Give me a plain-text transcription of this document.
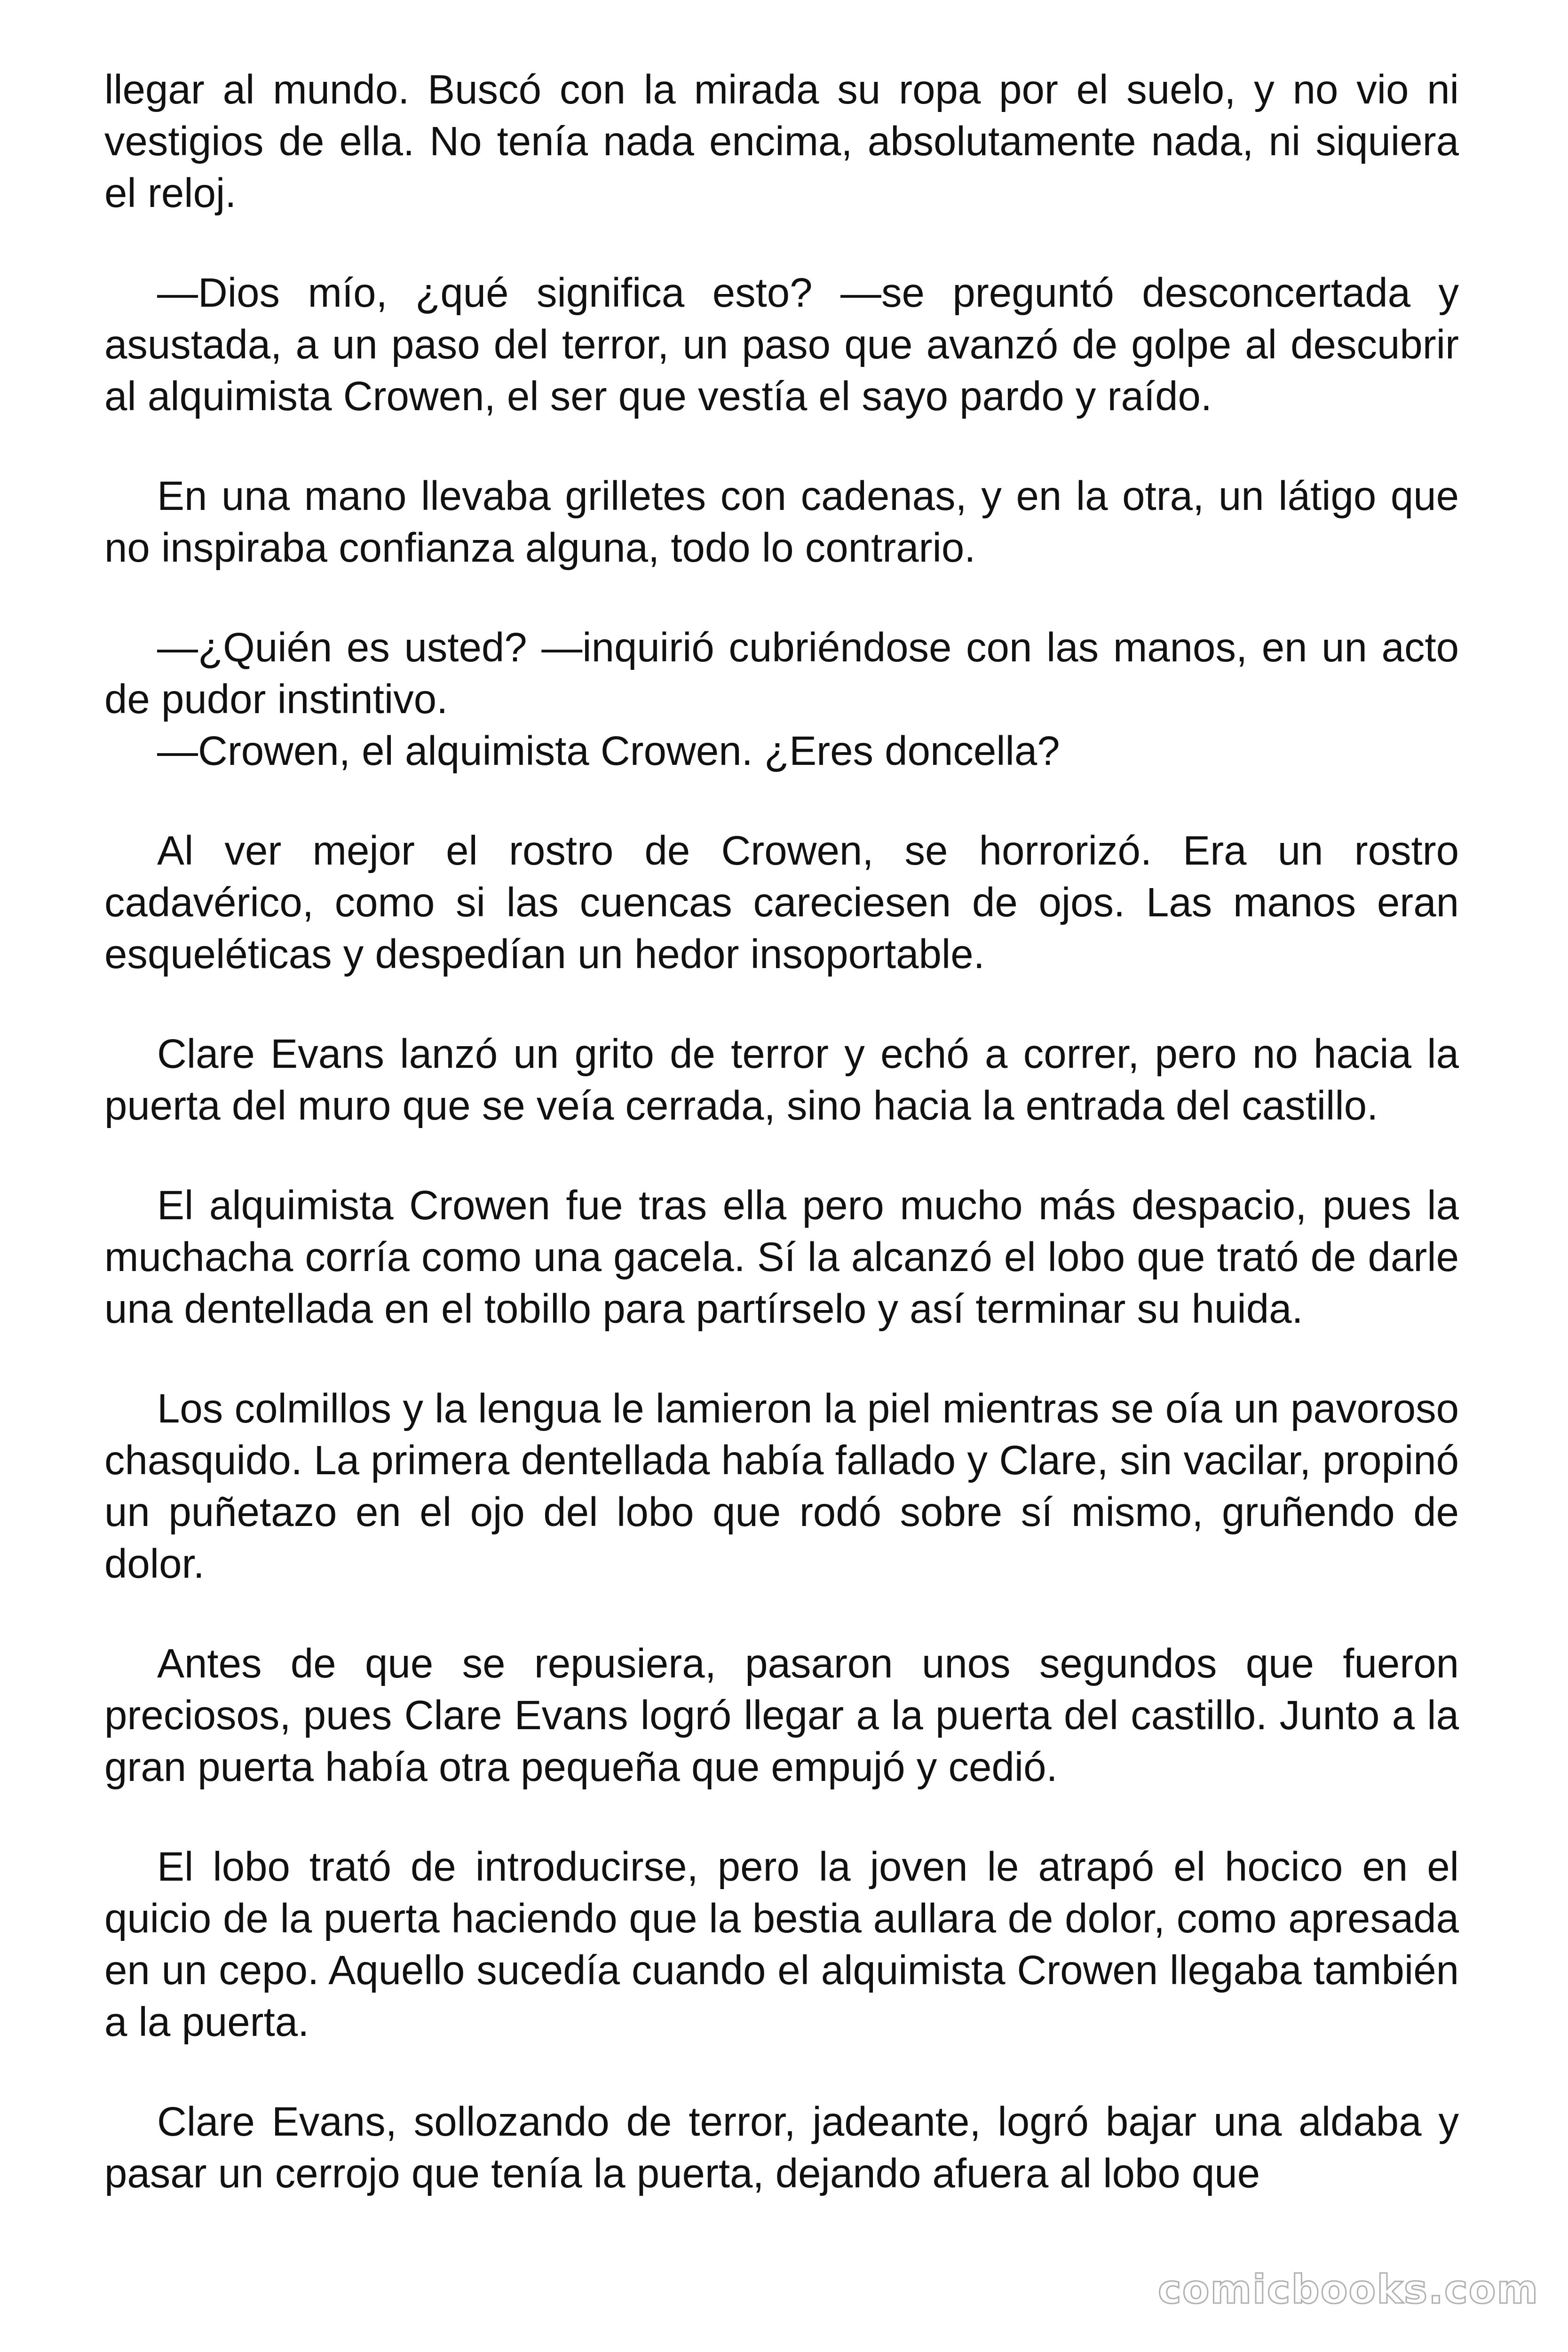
llegar al mundo. Buscó con la mirada su ropa por el suelo, y no vio ni vestigios de ella. No tenía nada encima, absolutamente nada, ni siquiera el reloj.

—Dios mío, ¿qué significa esto? —se preguntó desconcertada y asustada, a un paso del terror, un paso que avanzó de golpe al descubrir al alquimista Crowen, el ser que vestía el sayo pardo y raído.

En una mano llevaba grilletes con cadenas, y en la otra, un látigo que no inspiraba confianza alguna, todo lo contrario.

—¿Quién es usted? —inquirió cubriéndose con las manos, en un acto de pudor instintivo.

—Crowen, el alquimista Crowen. ¿Eres doncella?

Al ver mejor el rostro de Crowen, se horrorizó. Era un rostro cadavérico, como si las cuencas careciesen de ojos. Las manos eran esqueléticas y despedían un hedor insoportable.

Clare Evans lanzó un grito de terror y echó a correr, pero no hacia la puerta del muro que se veía cerrada, sino hacia la entrada del castillo.

El alquimista Crowen fue tras ella pero mucho más despacio, pues la muchacha corría como una gacela. Sí la alcanzó el lobo que trató de darle una dentellada en el tobillo para partírselo y así terminar su huida.

Los colmillos y la lengua le lamieron la piel mientras se oía un pavoroso chasquido. La primera dentellada había fallado y Clare, sin vacilar, propinó un puñetazo en el ojo del lobo que rodó sobre sí mismo, gruñendo de dolor.

Antes de que se repusiera, pasaron unos segundos que fueron preciosos, pues Clare Evans logró llegar a la puerta del castillo. Junto a la gran puerta había otra pequeña que empujó y cedió.

El lobo trató de introducirse, pero la joven le atrapó el hocico en el quicio de la puerta haciendo que la bestia aullara de dolor, como apresada en un cepo. Aquello sucedía cuando el alquimista Crowen llegaba también a la puerta.

Clare Evans, sollozando de terror, jadeante, logró bajar una aldaba y pasar un cerrojo que tenía la puerta, dejando afuera al lobo que

comicbooks.com
